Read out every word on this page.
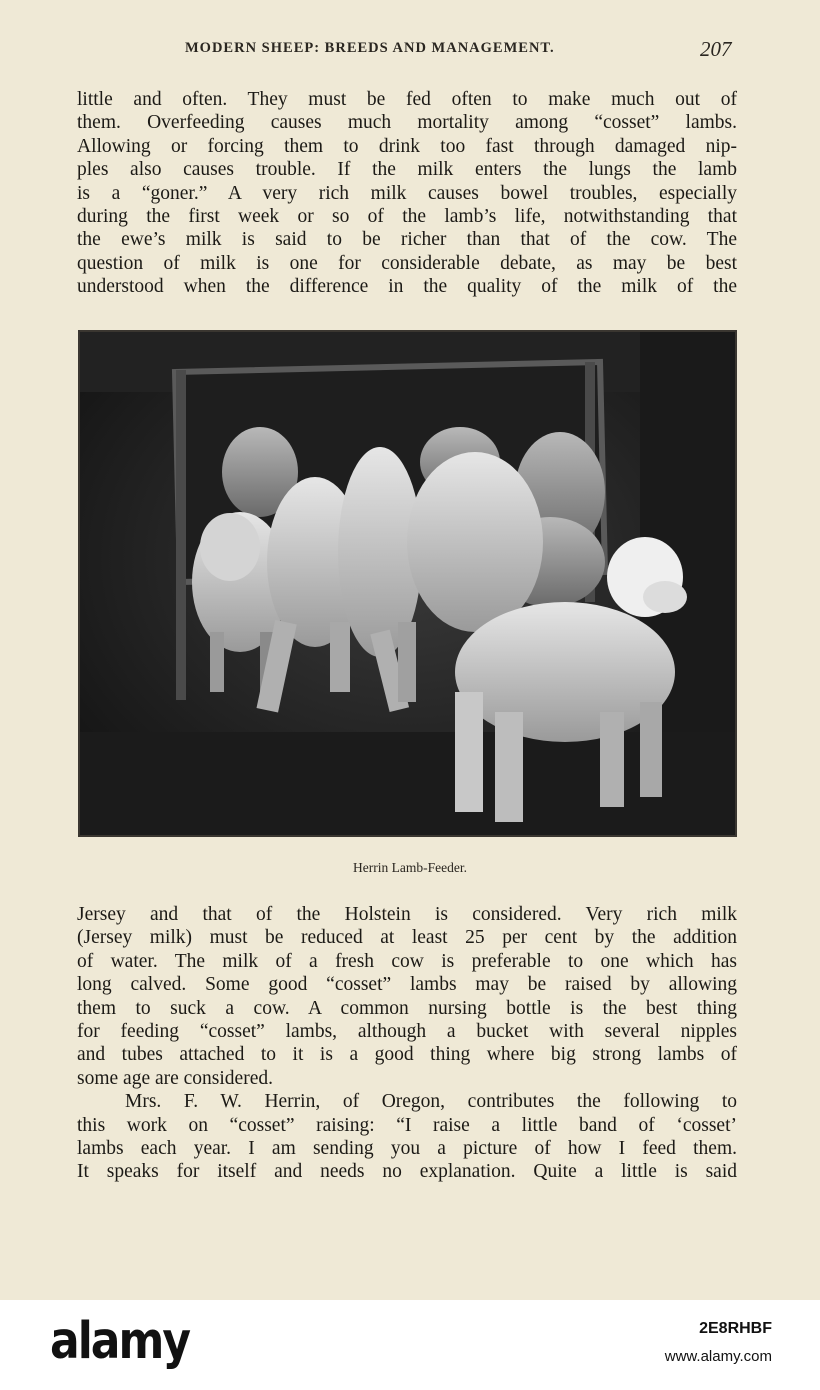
MODERN SHEEP: BREEDS AND MANAGEMENT.	207

little and often. They must be fed often to make much out of
them. Overfeeding causes much mortality among “cosset” lambs.
Allowing or forcing them to drink too fast through damaged nip-
ples also causes trouble. If the milk enters the lungs the lamb
is a “goner.” A very rich milk causes bowel troubles, especially
during the first week or so of the lamb’s life, notwithstanding that
the ewe’s milk is said to be richer than that of the cow. The
question of milk is one for considerable debate, as may be best
understood when the difference in the quality of the milk of the

Herrin Lamb-Feeder.

Jersey and that of the Holstein is considered. Very rich milk
(Jersey milk) must be reduced at least 25 per cent by the addition
of water. The milk of a fresh cow is preferable to one which has
long calved. Some good “cosset” lambs may be raised by allowing
them to suck a cow. A common nursing bottle is the best thing
for feeding “cosset” lambs, although a bucket with several nipples
and tubes attached to it is a good thing where big strong lambs of
some age are considered.
Mrs. F. W. Herrin, of Oregon, contributes the following to
this work on “cosset” raising: “I raise a little band of ‘cosset’
lambs each year. I am sending you a picture of how I feed them.
It speaks for itself and needs no explanation. Quite a little is said

alamy	2E8RHBF
www.alamy.com
